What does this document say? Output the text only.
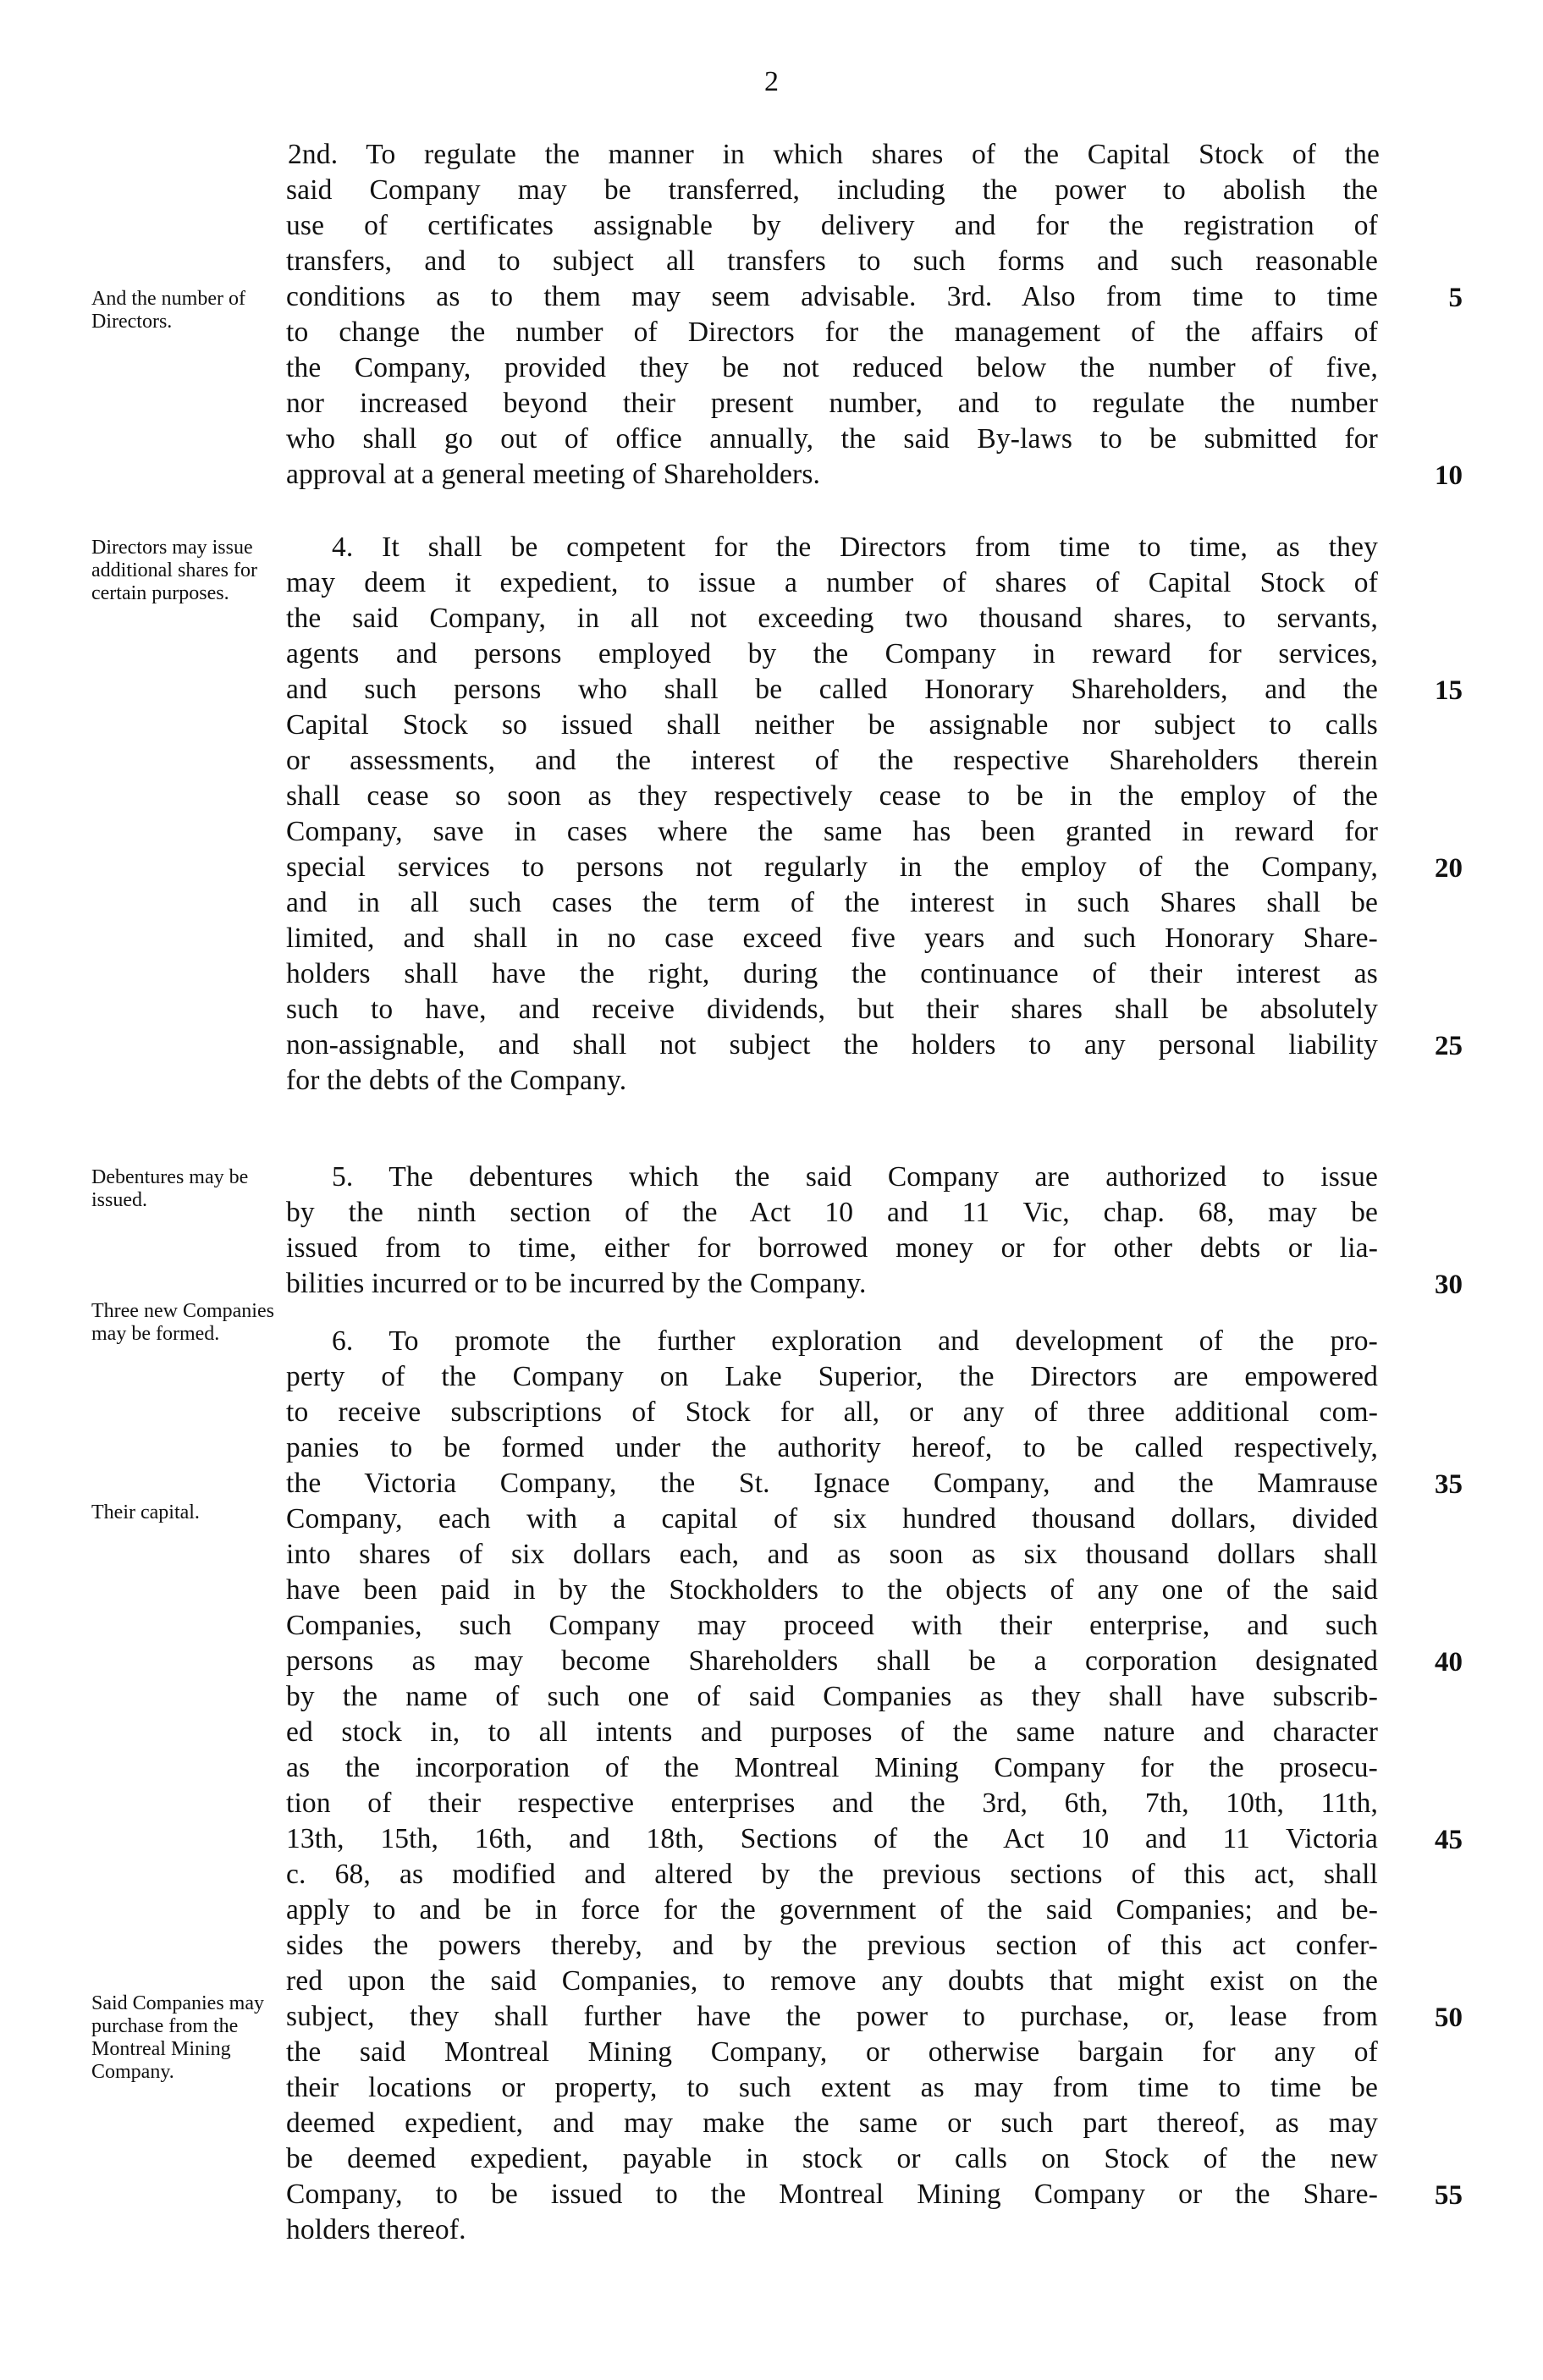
2
And the number of Directors.
Directors may issue additional shares for certain purposes.
Debentures may be issued.
Three new Companies may be formed.
Their capital.
Said Companies may purchase from the Montreal Mining Company.
2nd. To regulate the manner in which shares of the Capital Stock of the
said Company may be transferred, including the power to abolish the
use of certificates assignable by delivery and for the registration of
transfers, and to subject all transfers to such forms and such reasonable
conditions as to them may seem advisable. 3rd. Also from time to time
to change the number of Directors for the management of the affairs of
the Company, provided they be not reduced below the number of five,
nor increased beyond their present number, and to regulate the number
who shall go out of office annually, the said By-laws to be submitted for
approval at a general meeting of Shareholders.
4. It shall be competent for the Directors from time to time, as they
may deem it expedient, to issue a number of shares of Capital Stock of
the said Company, in all not exceeding two thousand shares, to servants,
agents and persons employed by the Company in reward for services,
and such persons who shall be called Honorary Shareholders, and the
Capital Stock so issued shall neither be assignable nor subject to calls
or assessments, and the interest of the respective Shareholders therein
shall cease so soon as they respectively cease to be in the employ of the
Company, save in cases where the same has been granted in reward for
special services to persons not regularly in the employ of the Company,
and in all such cases the term of the interest in such Shares shall be
limited, and shall in no case exceed five years and such Honorary Share-
holders shall have the right, during the continuance of their interest as
such to have, and receive dividends, but their shares shall be absolutely
non-assignable, and shall not subject the holders to any personal liability
for the debts of the Company.
5. The debentures which the said Company are authorized to issue
by the ninth section of the Act 10 and 11 Vic, chap. 68, may be
issued from to time, either for borrowed money or for other debts or lia-
bilities incurred or to be incurred by the Company.
6. To promote the further exploration and development of the pro-
perty of the Company on Lake Superior, the Directors are empowered
to receive subscriptions of Stock for all, or any of three additional com-
panies to be formed under the authority hereof, to be called respectively,
the Victoria Company, the St. Ignace Company, and the Mamrause
Company, each with a capital of six hundred thousand dollars, divided
into shares of six dollars each, and as soon as six thousand dollars shall
have been paid in by the Stockholders to the objects of any one of the said
Companies, such Company may proceed with their enterprise, and such
persons as may become Shareholders shall be a corporation designated
by the name of such one of said Companies as they shall have subscrib-
ed stock in, to all intents and purposes of the same nature and character
as the incorporation of the Montreal Mining Company for the prosecu-
tion of their respective enterprises and the 3rd, 6th, 7th, 10th, 11th,
13th, 15th, 16th, and 18th, Sections of the Act 10 and 11 Victoria
c. 68, as modified and altered by the previous sections of this act, shall
apply to and be in force for the government of the said Companies; and be-
sides the powers thereby, and by the previous section of this act confer-
red upon the said Companies, to remove any doubts that might exist on the
subject, they shall further have the power to purchase, or, lease from
the said Montreal Mining Company, or otherwise bargain for any of
their locations or property, to such extent as may from time to time be
deemed expedient, and may make the same or such part thereof, as may
be deemed expedient, payable in stock or calls on Stock of the new
Company, to be issued to the Montreal Mining Company or the Share-
holders thereof.
5
10
15
20
25
30
35
40
45
50
55
